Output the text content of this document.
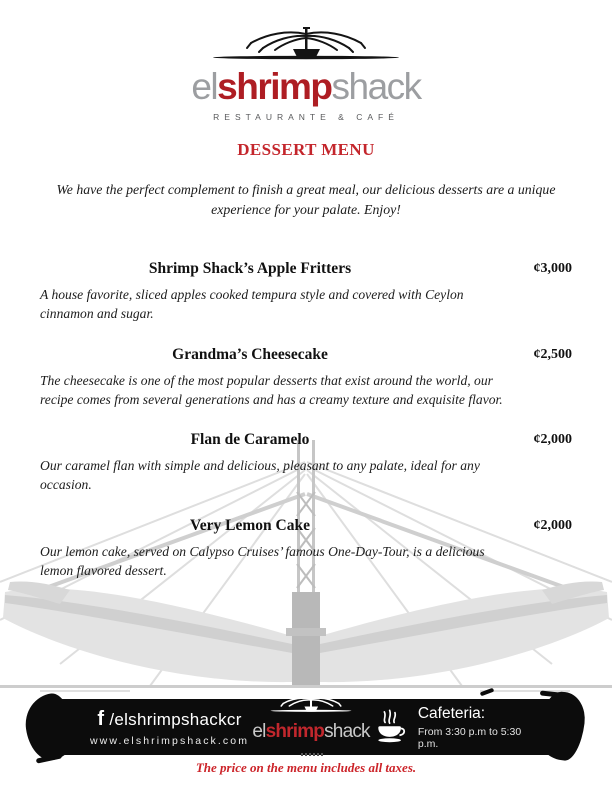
elshrimpshack
RESTAURANTE & CAFÉ
DESSERT MENU
We have the perfect complement to finish a great meal, our delicious desserts are a unique experience for your palate. Enjoy!
Shrimp Shack’s Apple Fritters	¢3,000
A house favorite, sliced apples cooked tempura style and covered with Ceylon cinnamon and sugar.
Grandma’s Cheesecake	¢2,500
The cheesecake is one of the most popular desserts that exist around the world, our recipe comes from several generations and has a creamy texture and exquisite flavor.
Flan de Caramelo	¢2,000
Our caramel flan with simple and delicious, pleasant to any palate, ideal for any occasion.
Very Lemon Cake	¢2,000
Our lemon cake, served on Calypso Cruises’ famous One-Day-Tour, is a delicious lemon flavored dessert.
f /elshrimpshackcr
www.elshrimpshack.com elshrimpshack
Cafeteria:
From 3:30 p.m to 5:30 p.m.
The price on the menu includes all taxes.
